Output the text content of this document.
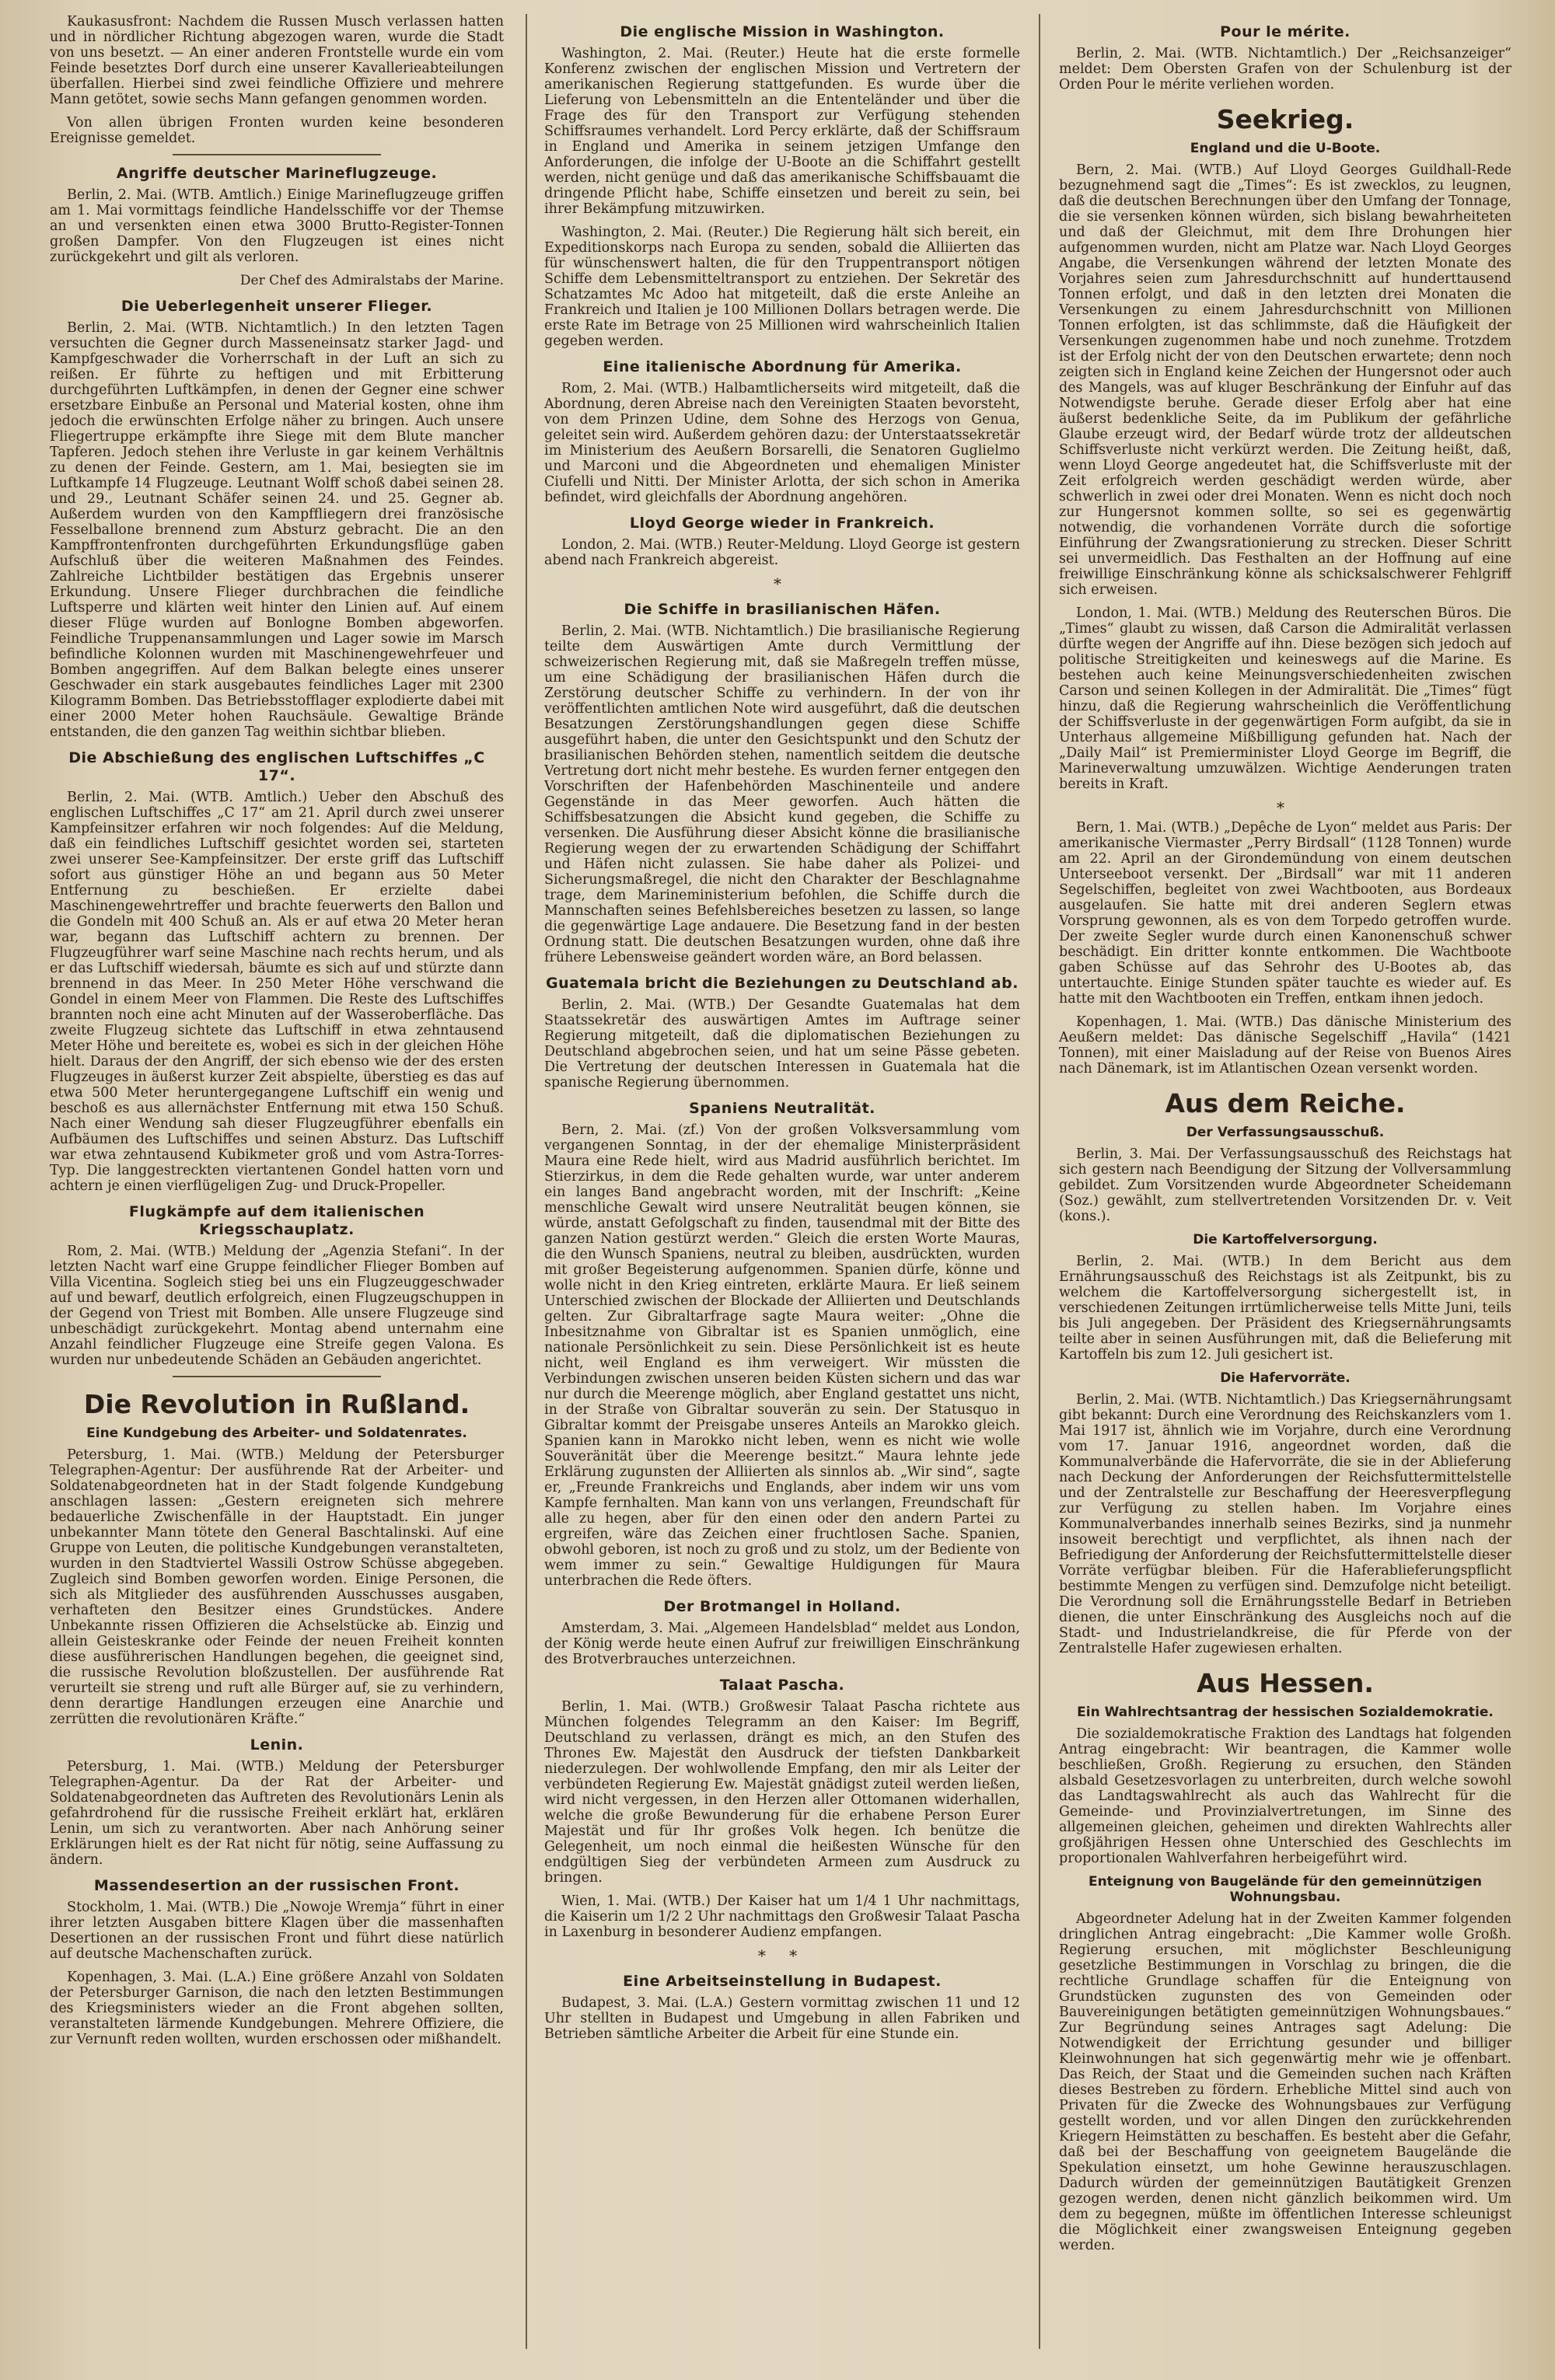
Kaukasusfront: Nachdem die Russen Musch verlassen hatten und in nördlicher Richtung abgezogen waren, wurde die Stadt von uns besetzt. — An einer anderen Frontstelle wurde ein vom Feinde besetztes Dorf durch eine unserer Kavallerieabteilungen überfallen. Hierbei sind zwei feindliche Offiziere und mehrere Mann getötet, sowie sechs Mann gefangen genommen worden.

Von allen übrigen Fronten wurden keine besonderen Ereignisse gemeldet.

Angriffe deutscher Marineflugzeuge.

Berlin, 2. Mai. (WTB. Amtlich.) Einige Marineflugzeuge griffen am 1. Mai vormittags feindliche Handelsschiffe vor der Themse an und versenkten einen etwa 3000 Brutto-Register-Tonnen großen Dampfer. Von den Flugzeugen ist eines nicht zurückgekehrt und gilt als verloren.

Der Chef des Admiralstabs der Marine.
Die Ueberlegenheit unserer Flieger.

Berlin, 2. Mai. (WTB. Nichtamtlich.) In den letzten Tagen versuchten die Gegner durch Masseneinsatz starker Jagd- und Kampfgeschwader die Vorherrschaft in der Luft an sich zu reißen. Er führte zu heftigen und mit Erbitterung durchgeführten Luftkämpfen, in denen der Gegner eine schwer ersetzbare Einbuße an Personal und Material kosten, ohne ihm jedoch die erwünschten Erfolge näher zu bringen. Auch unsere Fliegertruppe erkämpfte ihre Siege mit dem Blute mancher Tapferen. Jedoch stehen ihre Verluste in gar keinem Verhältnis zu denen der Feinde. Gestern, am 1. Mai, besiegten sie im Luftkampfe 14 Flugzeuge. Leutnant Wolff schoß dabei seinen 28. und 29., Leutnant Schäfer seinen 24. und 25. Gegner ab. Außerdem wurden von den Kampffliegern drei französische Fesselballone brennend zum Absturz gebracht. Die an den Kampffrontenfronten durchgeführten Erkundungsflüge gaben Aufschluß über die weiteren Maßnahmen des Feindes. Zahlreiche Lichtbilder bestätigen das Ergebnis unserer Erkundung. Unsere Flieger durchbrachen die feindliche Luftsperre und klärten weit hinter den Linien auf. Auf einem dieser Flüge wurden auf Bonlogne Bomben abgeworfen. Feindliche Truppenansammlungen und Lager sowie im Marsch befindliche Kolonnen wurden mit Maschinengewehrfeuer und Bomben angegriffen. Auf dem Balkan belegte eines unserer Geschwader ein stark ausgebautes feindliches Lager mit 2300 Kilogramm Bomben. Das Betriebsstofflager explodierte dabei mit einer 2000 Meter hohen Rauchsäule. Gewaltige Brände entstanden, die den ganzen Tag weithin sichtbar blieben.

Die Abschießung des englischen Luftschiffes „C 17“.

Berlin, 2. Mai. (WTB. Amtlich.) Ueber den Abschuß des englischen Luftschiffes „C 17“ am 21. April durch zwei unserer Kampfeinsitzer erfahren wir noch folgendes: Auf die Meldung, daß ein feindliches Luftschiff gesichtet worden sei, starteten zwei unserer See-Kampfeinsitzer. Der erste griff das Luftschiff sofort aus günstiger Höhe an und begann aus 50 Meter Entfernung zu beschießen. Er erzielte dabei Maschinengewehrtreffer und brachte feuerwerts den Ballon und die Gondeln mit 400 Schuß an. Als er auf etwa 20 Meter heran war, begann das Luftschiff achtern zu brennen. Der Flugzeugführer warf seine Maschine nach rechts herum, und als er das Luftschiff wiedersah, bäumte es sich auf und stürzte dann brennend in das Meer. In 250 Meter Höhe verschwand die Gondel in einem Meer von Flammen. Die Reste des Luftschiffes brannten noch eine acht Minuten auf der Wasseroberfläche. Das zweite Flugzeug sichtete das Luftschiff in etwa zehntausend Meter Höhe und bereitete es, wobei es sich in der gleichen Höhe hielt. Daraus der den Angriff, der sich ebenso wie der des ersten Flugzeuges in äußerst kurzer Zeit abspielte, überstieg es das auf etwa 500 Meter heruntergegangene Luftschiff ein wenig und beschoß es aus allernächster Entfernung mit etwa 150 Schuß. Nach einer Wendung sah dieser Flugzeugführer ebenfalls ein Aufbäumen des Luftschiffes und seinen Absturz. Das Luftschiff war etwa zehntausend Kubikmeter groß und vom Astra-Torres-Typ. Die langgestreckten viertantenen Gondel hatten vorn und achtern je einen vierflügeligen Zug- und Druck-Propeller.

Flugkämpfe auf dem italienischen Kriegsschauplatz.

Rom, 2. Mai. (WTB.) Meldung der „Agenzia Stefani“. In der letzten Nacht warf eine Gruppe feindlicher Flieger Bomben auf Villa Vicentina. Sogleich stieg bei uns ein Flugzeuggeschwader auf und bewarf, deutlich erfolgreich, einen Flugzeugschuppen in der Gegend von Triest mit Bomben. Alle unsere Flugzeuge sind unbeschädigt zurückgekehrt. Montag abend unternahm eine Anzahl feindlicher Flugzeuge eine Streife gegen Valona. Es wurden nur unbedeutende Schäden an Gebäuden angerichtet.

Die Revolution in Rußland.
Eine Kundgebung des Arbeiter- und Soldatenrates.

Petersburg, 1. Mai. (WTB.) Meldung der Petersburger Telegraphen-Agentur: Der ausführende Rat der Arbeiter- und Soldatenabgeordneten hat in der Stadt folgende Kundgebung anschlagen lassen: „Gestern ereigneten sich mehrere bedauerliche Zwischenfälle in der Hauptstadt. Ein junger unbekannter Mann tötete den General Baschtalinski. Auf eine Gruppe von Leuten, die politische Kundgebungen veranstalteten, wurden in den Stadtviertel Wassili Ostrow Schüsse abgegeben. Zugleich sind Bomben geworfen worden. Einige Personen, die sich als Mitglieder des ausführenden Ausschusses ausgaben, verhafteten den Besitzer eines Grundstückes. Andere Unbekannte rissen Offizieren die Achselstücke ab. Einzig und allein Geisteskranke oder Feinde der neuen Freiheit konnten diese ausführerischen Handlungen begehen, die geeignet sind, die russische Revolution bloßzustellen. Der ausführende Rat verurteilt sie streng und ruft alle Bürger auf, sie zu verhindern, denn derartige Handlungen erzeugen eine Anarchie und zerrütten die revolutionären Kräfte.“

Lenin.

Petersburg, 1. Mai. (WTB.) Meldung der Petersburger Telegraphen-Agentur. Da der Rat der Arbeiter- und Soldatenabgeordneten das Auftreten des Revolutionärs Lenin als gefahrdrohend für die russische Freiheit erklärt hat, erklären Lenin, um sich zu verantworten. Aber nach Anhörung seiner Erklärungen hielt es der Rat nicht für nötig, seine Auffassung zu ändern.

Massendesertion an der russischen Front.

Stockholm, 1. Mai. (WTB.) Die „Nowoje Wremja“ führt in einer ihrer letzten Ausgaben bittere Klagen über die massenhaften Desertionen an der russischen Front und führt diese natürlich auf deutsche Machenschaften zurück.

Kopenhagen, 3. Mai. (L.A.) Eine größere Anzahl von Soldaten der Petersburger Garnison, die nach den letzten Bestimmungen des Kriegsministers wieder an die Front abgehen sollten, veranstalteten lärmende Kundgebungen. Mehrere Offiziere, die zur Vernunft reden wollten, wurden erschossen oder mißhandelt.

Die englische Mission in Washington.

Washington, 2. Mai. (Reuter.) Heute hat die erste formelle Konferenz zwischen der englischen Mission und Vertretern der amerikanischen Regierung stattgefunden. Es wurde über die Lieferung von Lebensmitteln an die Ententeländer und über die Frage des für den Transport zur Verfügung stehenden Schiffsraumes verhandelt. Lord Percy erklärte, daß der Schiffsraum in England und Amerika in seinem jetzigen Umfange den Anforderungen, die infolge der U-Boote an die Schiffahrt gestellt werden, nicht genüge und daß das amerikanische Schiffsbauamt die dringende Pflicht habe, Schiffe einsetzen und bereit zu sein, bei ihrer Bekämpfung mitzuwirken.

Washington, 2. Mai. (Reuter.) Die Regierung hält sich bereit, ein Expeditionskorps nach Europa zu senden, sobald die Alliierten das für wünschenswert halten, die für den Truppentransport nötigen Schiffe dem Lebensmitteltransport zu entziehen. Der Sekretär des Schatzamtes Mc Adoo hat mitgeteilt, daß die erste Anleihe an Frankreich und Italien je 100 Millionen Dollars betragen werde. Die erste Rate im Betrage von 25 Millionen wird wahrscheinlich Italien gegeben werden.

Eine italienische Abordnung für Amerika.

Rom, 2. Mai. (WTB.) Halbamtlicherseits wird mitgeteilt, daß die Abordnung, deren Abreise nach den Vereinigten Staaten bevorsteht, von dem Prinzen Udine, dem Sohne des Herzogs von Genua, geleitet sein wird. Außerdem gehören dazu: der Unterstaatssekretär im Ministerium des Aeußern Borsarelli, die Senatoren Guglielmo und Marconi und die Abgeordneten und ehemaligen Minister Ciufelli und Nitti. Der Minister Arlotta, der sich schon in Amerika befindet, wird gleichfalls der Abordnung angehören.

Lloyd George wieder in Frankreich.

London, 2. Mai. (WTB.) Reuter-Meldung. Lloyd George ist gestern abend nach Frankreich abgereist.

*
Die Schiffe in brasilianischen Häfen.

Berlin, 2. Mai. (WTB. Nichtamtlich.) Die brasilianische Regierung teilte dem Auswärtigen Amte durch Vermittlung der schweizerischen Regierung mit, daß sie Maßregeln treffen müsse, um eine Schädigung der brasilianischen Häfen durch die Zerstörung deutscher Schiffe zu verhindern. In der von ihr veröffentlichten amtlichen Note wird ausgeführt, daß die deutschen Besatzungen Zerstörungshandlungen gegen diese Schiffe ausgeführt haben, die unter den Gesichtspunkt und den Schutz der brasilianischen Behörden stehen, namentlich seitdem die deutsche Vertretung dort nicht mehr bestehe. Es wurden ferner entgegen den Vorschriften der Hafenbehörden Maschinenteile und andere Gegenstände in das Meer geworfen. Auch hätten die Schiffsbesatzungen die Absicht kund gegeben, die Schiffe zu versenken. Die Ausführung dieser Absicht könne die brasilianische Regierung wegen der zu erwartenden Schädigung der Schiffahrt und Häfen nicht zulassen. Sie habe daher als Polizei- und Sicherungsmaßregel, die nicht den Charakter der Beschlagnahme trage, dem Marineministerium befohlen, die Schiffe durch die Mannschaften seines Befehlsbereiches besetzen zu lassen, so lange die gegenwärtige Lage andauere. Die Besetzung fand in der besten Ordnung statt. Die deutschen Besatzungen wurden, ohne daß ihre frühere Lebensweise geändert worden wäre, an Bord belassen.

Guatemala bricht die Beziehungen zu Deutschland ab.

Berlin, 2. Mai. (WTB.) Der Gesandte Guatemalas hat dem Staatssekretär des auswärtigen Amtes im Auftrage seiner Regierung mitgeteilt, daß die diplomatischen Beziehungen zu Deutschland abgebrochen seien, und hat um seine Pässe gebeten. Die Vertretung der deutschen Interessen in Guatemala hat die spanische Regierung übernommen.

Spaniens Neutralität.

Bern, 2. Mai. (zf.) Von der großen Volksversammlung vom vergangenen Sonntag, in der der ehemalige Ministerpräsident Maura eine Rede hielt, wird aus Madrid ausführlich berichtet. Im Stierzirkus, in dem die Rede gehalten wurde, war unter anderem ein langes Band angebracht worden, mit der Inschrift: „Keine menschliche Gewalt wird unsere Neutralität beugen können, sie würde, anstatt Gefolgschaft zu finden, tausendmal mit der Bitte des ganzen Nation gestürzt werden.“ Gleich die ersten Worte Mauras, die den Wunsch Spaniens, neutral zu bleiben, ausdrückten, wurden mit großer Begeisterung aufgenommen. Spanien dürfe, könne und wolle nicht in den Krieg eintreten, erklärte Maura. Er ließ seinem Unterschied zwischen der Blockade der Alliierten und Deutschlands gelten. Zur Gibraltarfrage sagte Maura weiter: „Ohne die Inbesitznahme von Gibraltar ist es Spanien unmöglich, eine nationale Persönlichkeit zu sein. Diese Persönlichkeit ist es heute nicht, weil England es ihm verweigert. Wir müssten die Verbindungen zwischen unseren beiden Küsten sichern und das war nur durch die Meerenge möglich, aber England gestattet uns nicht, in der Straße von Gibraltar souverän zu sein. Der Statusquo in Gibraltar kommt der Preisgabe unseres Anteils an Marokko gleich. Spanien kann in Marokko nicht leben, wenn es nicht wie wolle Souveränität über die Meerenge besitzt.“ Maura lehnte jede Erklärung zugunsten der Alliierten als sinnlos ab. „Wir sind“, sagte er, „Freunde Frankreichs und Englands, aber indem wir uns vom Kampfe fernhalten. Man kann von uns verlangen, Freundschaft für alle zu hegen, aber für den einen oder den andern Partei zu ergreifen, wäre das Zeichen einer fruchtlosen Sache. Spanien, obwohl geboren, ist noch zu groß und zu stolz, um der Bediente von wem immer zu sein.“ Gewaltige Huldigungen für Maura unterbrachen die Rede öfters.

Der Brotmangel in Holland.

Amsterdam, 3. Mai. „Algemeen Handelsblad“ meldet aus London, der König werde heute einen Aufruf zur freiwilligen Einschränkung des Brotverbrauches unterzeichnen.

Talaat Pascha.

Berlin, 1. Mai. (WTB.) Großwesir Talaat Pascha richtete aus München folgendes Telegramm an den Kaiser: Im Begriff, Deutschland zu verlassen, drängt es mich, an den Stufen des Thrones Ew. Majestät den Ausdruck der tiefsten Dankbarkeit niederzulegen. Der wohlwollende Empfang, den mir als Leiter der verbündeten Regierung Ew. Majestät gnädigst zuteil werden ließen, wird nicht vergessen, in den Herzen aller Ottomanen widerhallen, welche die große Bewunderung für die erhabene Person Eurer Majestät und für Ihr großes Volk hegen. Ich benütze die Gelegenheit, um noch einmal die heißesten Wünsche für den endgültigen Sieg der verbündeten Armeen zum Ausdruck zu bringen.

Wien, 1. Mai. (WTB.) Der Kaiser hat um 1/4 1 Uhr nachmittags, die Kaiserin um 1/2 2 Uhr nachmittags den Großwesir Talaat Pascha in Laxenburg in besonderer Audienz empfangen.

* *
Eine Arbeitseinstellung in Budapest.

Budapest, 3. Mai. (L.A.) Gestern vormittag zwischen 11 und 12 Uhr stellten in Budapest und Umgebung in allen Fabriken und Betrieben sämtliche Arbeiter die Arbeit für eine Stunde ein.

Pour le mérite.

Berlin, 2. Mai. (WTB. Nichtamtlich.) Der „Reichsanzeiger“ meldet: Dem Obersten Grafen von der Schulenburg ist der Orden Pour le mérite verliehen worden.

Seekrieg.
England und die U-Boote.

Bern, 2. Mai. (WTB.) Auf Lloyd Georges Guildhall-Rede bezugnehmend sagt die „Times“: Es ist zwecklos, zu leugnen, daß die deutschen Berechnungen über den Umfang der Tonnage, die sie versenken können würden, sich bislang bewahrheiteten und daß der Gleichmut, mit dem Ihre Drohungen hier aufgenommen wurden, nicht am Platze war. Nach Lloyd Georges Angabe, die Versenkungen während der letzten Monate des Vorjahres seien zum Jahresdurchschnitt auf hunderttausend Tonnen erfolgt, und daß in den letzten drei Monaten die Versenkungen zu einem Jahresdurchschnitt von Millionen Tonnen erfolgten, ist das schlimmste, daß die Häufigkeit der Versenkungen zugenommen habe und noch zunehme. Trotzdem ist der Erfolg nicht der von den Deutschen erwartete; denn noch zeigten sich in England keine Zeichen der Hungersnot oder auch des Mangels, was auf kluger Beschränkung der Einfuhr auf das Notwendigste beruhe. Gerade dieser Erfolg aber hat eine äußerst bedenkliche Seite, da im Publikum der gefährliche Glaube erzeugt wird, der Bedarf würde trotz der alldeutschen Schiffsverluste nicht verkürzt werden. Die Zeitung heißt, daß, wenn Lloyd George angedeutet hat, die Schiffsverluste mit der Zeit erfolgreich werden geschädigt werden würde, aber schwerlich in zwei oder drei Monaten. Wenn es nicht doch noch zur Hungersnot kommen sollte, so sei es gegenwärtig notwendig, die vorhandenen Vorräte durch die sofortige Einführung der Zwangsrationierung zu strecken. Dieser Schritt sei unvermeidlich. Das Festhalten an der Hoffnung auf eine freiwillige Einschränkung könne als schicksalschwerer Fehlgriff sich erweisen.

London, 1. Mai. (WTB.) Meldung des Reuterschen Büros. Die „Times“ glaubt zu wissen, daß Carson die Admiralität verlassen dürfte wegen der Angriffe auf ihn. Diese bezögen sich jedoch auf politische Streitigkeiten und keineswegs auf die Marine. Es bestehen auch keine Meinungsverschiedenheiten zwischen Carson und seinen Kollegen in der Admiralität. Die „Times“ fügt hinzu, daß die Regierung wahrscheinlich die Veröffentlichung der Schiffsverluste in der gegenwärtigen Form aufgibt, da sie in Unterhaus allgemeine Mißbilligung gefunden hat. Nach der „Daily Mail“ ist Premierminister Lloyd George im Begriff, die Marineverwaltung umzuwälzen. Wichtige Aenderungen traten bereits in Kraft.

*

Bern, 1. Mai. (WTB.) „Depêche de Lyon“ meldet aus Paris: Der amerikanische Viermaster „Perry Birdsall“ (1128 Tonnen) wurde am 22. April an der Girondemündung von einem deutschen Unterseeboot versenkt. Der „Birdsall“ war mit 11 anderen Segelschiffen, begleitet von zwei Wachtbooten, aus Bordeaux ausgelaufen. Sie hatte mit drei anderen Seglern etwas Vorsprung gewonnen, als es von dem Torpedo getroffen wurde. Der zweite Segler wurde durch einen Kanonenschuß schwer beschädigt. Ein dritter konnte entkommen. Die Wachtboote gaben Schüsse auf das Sehrohr des U-Bootes ab, das untertauchte. Einige Stunden später tauchte es wieder auf. Es hatte mit den Wachtbooten ein Treffen, entkam ihnen jedoch.

Kopenhagen, 1. Mai. (WTB.) Das dänische Ministerium des Aeußern meldet: Das dänische Segelschiff „Havila“ (1421 Tonnen), mit einer Maisladung auf der Reise von Buenos Aires nach Dänemark, ist im Atlantischen Ozean versenkt worden.

Aus dem Reiche.
Der Verfassungsausschuß.

Berlin, 3. Mai. Der Verfassungsausschuß des Reichstags hat sich gestern nach Beendigung der Sitzung der Vollversammlung gebildet. Zum Vorsitzenden wurde Abgeordneter Scheidemann (Soz.) gewählt, zum stellvertretenden Vorsitzenden Dr. v. Veit (kons.).

Die Kartoffelversorgung.

Berlin, 2. Mai. (WTB.) In dem Bericht aus dem Ernährungsausschuß des Reichstags ist als Zeitpunkt, bis zu welchem die Kartoffelversorgung sichergestellt ist, in verschiedenen Zeitungen irrtümlicherweise tells Mitte Juni, teils bis Juli angegeben. Der Präsident des Kriegsernährungsamts teilte aber in seinen Ausführungen mit, daß die Belieferung mit Kartoffeln bis zum 12. Juli gesichert ist.

Die Hafervorräte.

Berlin, 2. Mai. (WTB. Nichtamtlich.) Das Kriegsernährungsamt gibt bekannt: Durch eine Verordnung des Reichskanzlers vom 1. Mai 1917 ist, ähnlich wie im Vorjahre, durch eine Verordnung vom 17. Januar 1916, angeordnet worden, daß die Kommunalverbände die Hafervorräte, die sie in der Ablieferung nach Deckung der Anforderungen der Reichsfuttermittelstelle und der Zentralstelle zur Beschaffung der Heeresverpflegung zur Verfügung zu stellen haben. Im Vorjahre eines Kommunalverbandes innerhalb seines Bezirks, sind ja nunmehr insoweit berechtigt und verpflichtet, als ihnen nach der Befriedigung der Anforderung der Reichsfuttermittelstelle dieser Vorräte verfügbar bleiben. Für die Haferablieferungspflicht bestimmte Mengen zu verfügen sind. Demzufolge nicht beteiligt. Die Verordnung soll die Ernährungsstelle Bedarf in Betrieben dienen, die unter Einschränkung des Ausgleichs noch auf die Stadt- und Industrielandkreise, die für Pferde von der Zentralstelle Hafer zugewiesen erhalten.

Aus Hessen.
Ein Wahlrechtsantrag der hessischen Sozialdemokratie.

Die sozialdemokratische Fraktion des Landtags hat folgenden Antrag eingebracht: Wir beantragen, die Kammer wolle beschließen, Großh. Regierung zu ersuchen, den Ständen alsbald Gesetzesvorlagen zu unterbreiten, durch welche sowohl das Landtagswahlrecht als auch das Wahlrecht für die Gemeinde- und Provinzialvertretungen, im Sinne des allgemeinen gleichen, geheimen und direkten Wahlrechts aller großjährigen Hessen ohne Unterschied des Geschlechts im proportionalen Wahlverfahren herbeigeführt wird.

Enteignung von Baugelände für den gemeinnützigen Wohnungsbau.

Abgeordneter Adelung hat in der Zweiten Kammer folgenden dringlichen Antrag eingebracht: „Die Kammer wolle Großh. Regierung ersuchen, mit möglichster Beschleunigung gesetzliche Bestimmungen in Vorschlag zu bringen, die die rechtliche Grundlage schaffen für die Enteignung von Grundstücken zugunsten des von Gemeinden oder Bauvereinigungen betätigten gemeinnützigen Wohnungsbaues.“ Zur Begründung seines Antrages sagt Adelung: Die Notwendigkeit der Errichtung gesunder und billiger Kleinwohnungen hat sich gegenwärtig mehr wie je offenbart. Das Reich, der Staat und die Gemeinden suchen nach Kräften dieses Bestreben zu fördern. Erhebliche Mittel sind auch von Privaten für die Zwecke des Wohnungsbaues zur Verfügung gestellt worden, und vor allen Dingen den zurückkehrenden Kriegern Heimstätten zu beschaffen. Es besteht aber die Gefahr, daß bei der Beschaffung von geeignetem Baugelände die Spekulation einsetzt, um hohe Gewinne herauszuschlagen. Dadurch würden der gemeinnützigen Bautätigkeit Grenzen gezogen werden, denen nicht gänzlich beikommen wird. Um dem zu begegnen, müßte im öffentlichen Interesse schleunigst die Möglichkeit einer zwangsweisen Enteignung gegeben werden.
